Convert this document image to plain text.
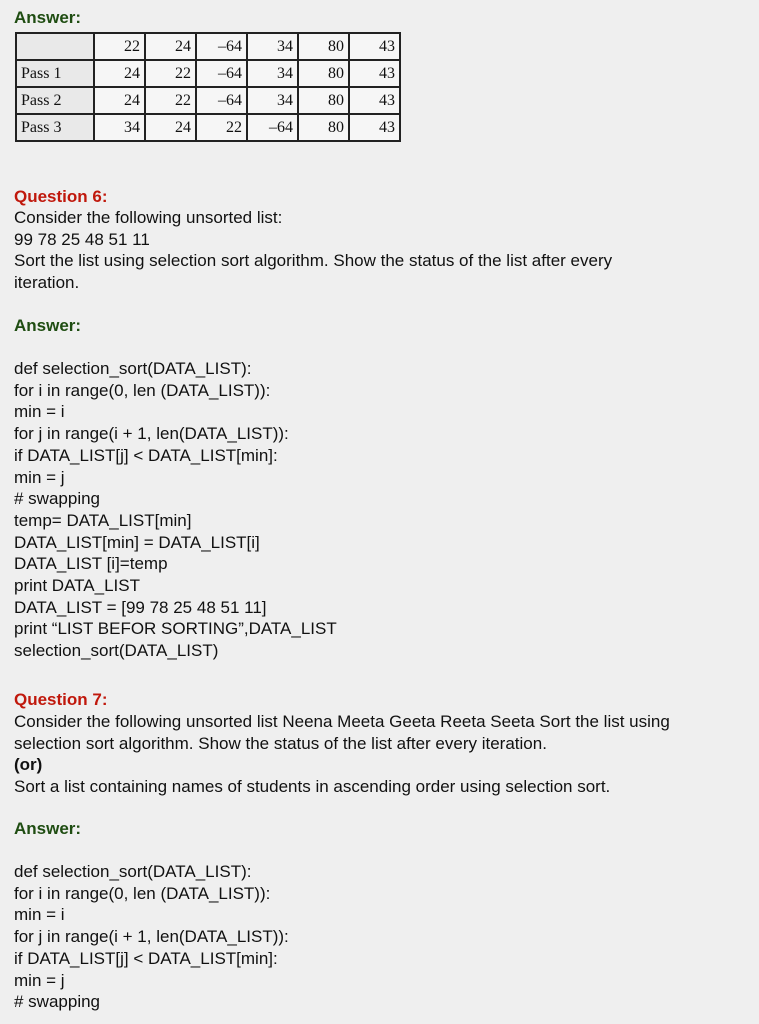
Answer:
	22	24	–64	34	80	43
Pass 1	24	22	–64	34	80	43
Pass 2	24	22	–64	34	80	43
Pass 3	34	24	22	–64	80	43
Question 6:
Consider the following unsorted list:
99 78 25 48 51 11
Sort the list using selection sort algorithm. Show the status of the list after every
iteration.
Answer:
def selection_sort(DATA_LIST):
for i in range(0, len (DATA_LIST)):
min = i
for j in range(i + 1, len(DATA_LIST)):
if DATA_LIST[j] < DATA_LIST[min]:
min = j
# swapping
temp= DATA_LIST[min]
DATA_LIST[min] = DATA_LIST[i]
DATA_LIST [i]=temp
print DATA_LIST
DATA_LIST = [99 78 25 48 51 11]
print “LIST BEFOR SORTING”,DATA_LIST
selection_sort(DATA_LIST)
Question 7:
Consider the following unsorted list Neena Meeta Geeta Reeta Seeta Sort the list using
selection sort algorithm. Show the status of the list after every iteration.
(or)
Sort a list containing names of students in ascending order using selection sort.
Answer:
def selection_sort(DATA_LIST):
for i in range(0, len (DATA_LIST)):
min = i
for j in range(i + 1, len(DATA_LIST)):
if DATA_LIST[j] < DATA_LIST[min]:
min = j
# swapping
